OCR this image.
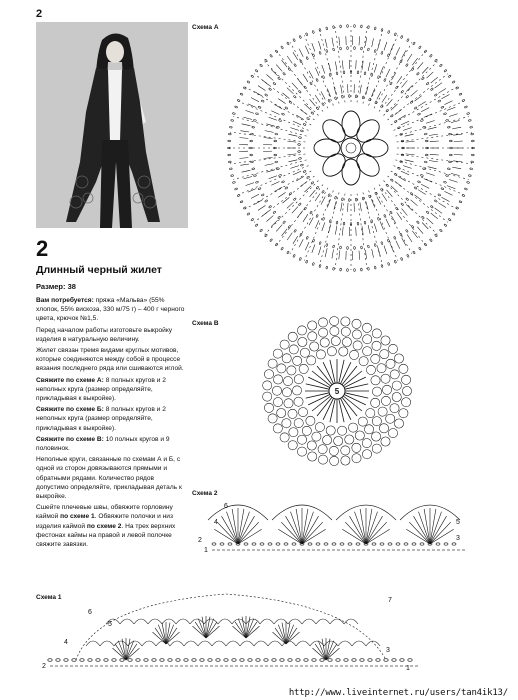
2
2
Длинный черный жилет
Размер: 38

Вам потребуется: пряжа «Мальва» (55% хлопок, 55% вискоза, 330 м/75 г) – 400 г черного цвета, крючок №1,5.

Перед началом работы изготовьте выкройку изделия в натуральную величину.

Жилет связан тремя видами круглых мотивов, которые соединяются между собой в процессе вязания последнего ряда или сшиваются иглой.

Свяжите по схеме А: 8 полных кругов и 2 неполных круга (размер определяйте, прикладывая к выкройке).

Свяжите по схеме Б: 8 полных кругов и 2 неполных круга (размер определяйте, прикладывая к выкройке).

Свяжите по схеме В: 10 полных кругов и 9 половинок.

Неполные круги, связанные по схемам А и Б, с одной из сторон довязываются прямыми и обратными рядами. Количество рядов допустимо определяйте, прикладывая деталь к выкройке.

Сшейте плечевые швы, обвяжите горловину каймой по схеме 1. Обвяжите полочки и низ изделия каймой по схеме 2. На трех верхних фестонах каймы на правой и левой полочке свяжите завязки.

Схема А
Схема В
Схема 2
Схема 1
5
6
4
2
1
3
5
7
6
5
4
3
2	1
http://www.liveinternet.ru/users/tan4ik13/
